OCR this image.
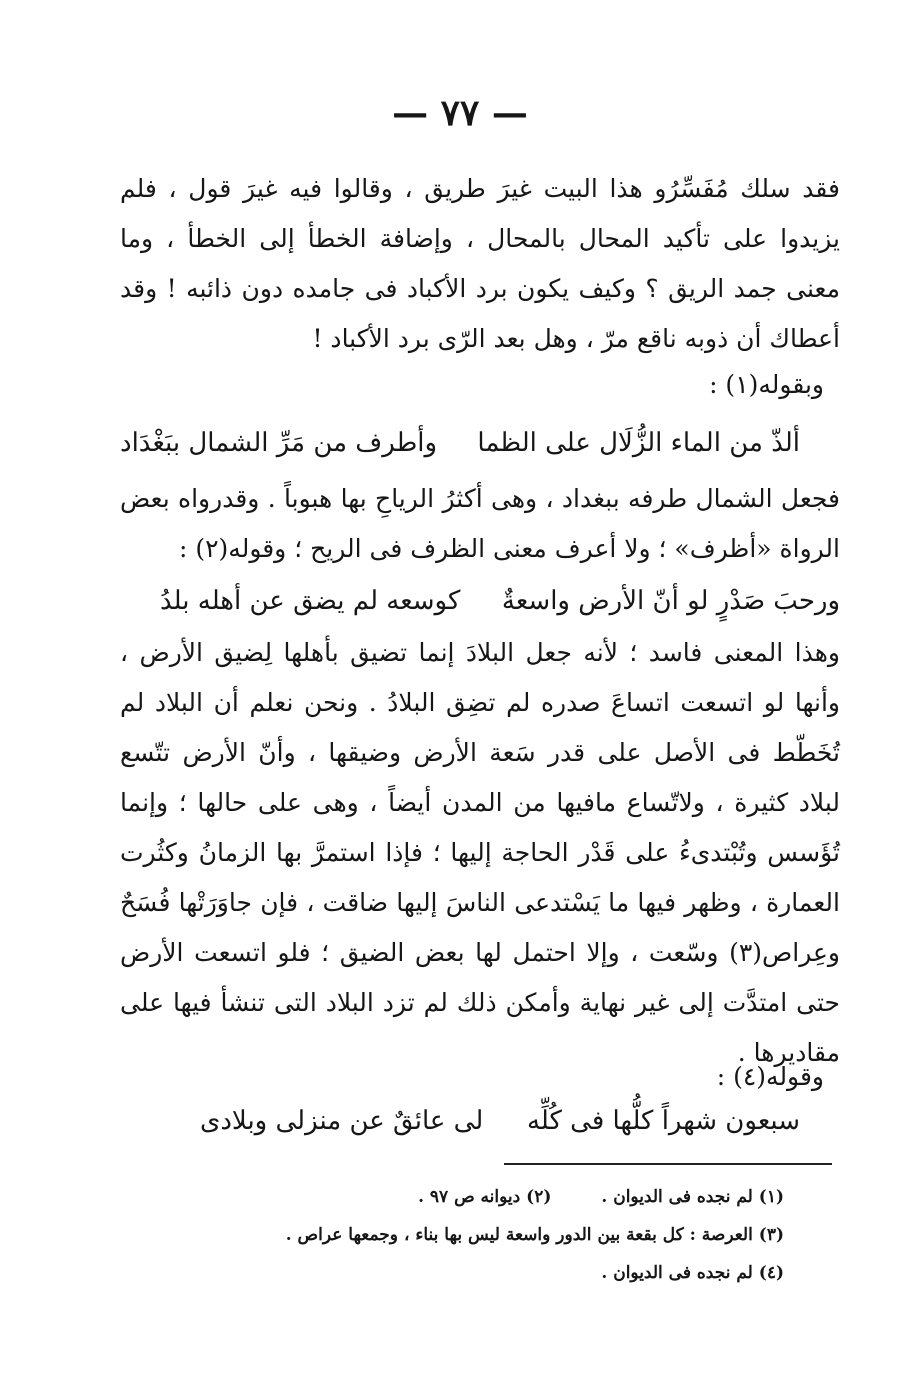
— ٧٧ —

فقد سلك مُفَسِّرُو هذا البيت غيرَ طريق ، وقالوا فيه غيرَ قول ، فلم يزيدوا على تأكيد المحال بالمحال ، وإضافة الخطأ إلى الخطأ ، وما معنى جمد الريق ؟ وكيف يكون برد الأكباد فى جامده دون ذائبه ! وقد أعطاك أن ذوبه ناقع مرّ ، وهل بعد الرّى برد الأكباد !

وبقوله(١) :

ألذّ من الماء الزُّلَال على الظما
وأطرف من مَرِّ الشمال ببَغْدَاد

فجعل الشمال طرفه ببغداد ، وهى أكثرُ الرياحِ بها هبوباً . وقدرواه بعض الرواة «أظرف» ؛ ولا أعرف معنى الظرف فى الريح ؛ وقوله(٢) :

ورحبَ صَدْرٍ لو أنّ الأرض واسعةٌ
كوسعه لم يضق عن أهله بلدُ

وهذا المعنى فاسد ؛ لأنه جعل البلادَ إنما تضيق بأهلها لِضيق الأرض ، وأنها لو اتسعت اتساعَ صدره لم تضِق البلادُ . ونحن نعلم أن البلاد لم تُخَطّط فى الأصل على قدر سَعة الأرض وضيقها ، وأنّ الأرض تتّسع لبلاد كثيرة ، ولاتّساع مافيها من المدن أيضاً ، وهى على حالها ؛ وإنما تُؤَسس وتُبْتدىءُ على قَدْر الحاجة إليها ؛ فإذا استمرَّ بها الزمانُ وكثُرت العمارة ، وظهر فيها ما يَسْتدعى الناسَ إليها ضاقت ، فإن جاوَرَتْها فُسَحٌ وعِراص(٣) وسّعت ، وإلا احتمل لها بعض الضيق ؛ فلو اتسعت الأرض حتى امتدَّت إلى غير نهاية وأمكن ذلك لم تزد البلاد التى تنشأ فيها على مقاديرها .

وقوله(٤) :

سبعون شهراً كلُّها فى كُلِّه
لى عائقٌ عن منزلى وبلادى
(١) لم نجده فى الديوان .(٢) ديوانه ص ٩٧ .
(٣) العرصة : كل بقعة بين الدور واسعة ليس بها بناء ، وجمعها عراص .
(٤) لم نجده فى الديوان .
